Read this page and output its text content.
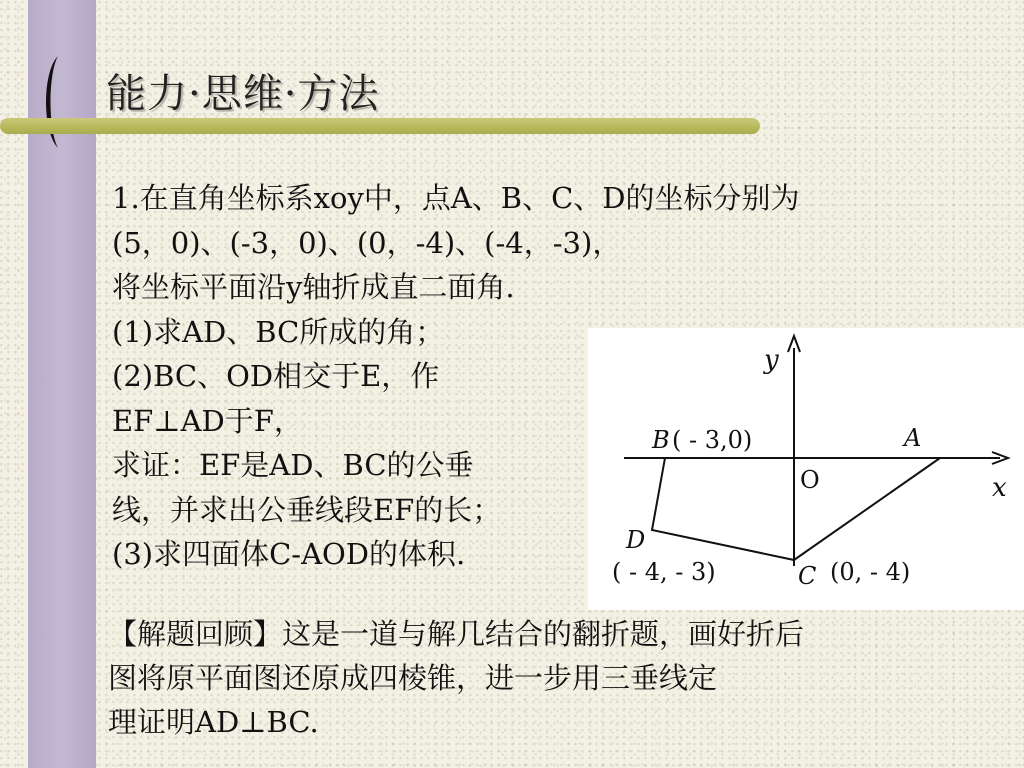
能力·思维·方法
1.在直角坐标系xoy中，点A、B、C、D的坐标分别为
(5，0)、(-3，0)、(0，-4)、(-4，-3)，
将坐标平面沿y轴折成直二面角.
(1)求AD、BC所成的角；
(2)BC、OD相交于E，作
EF⊥AD于F，
求证：EF是AD、BC的公垂
线，并求出公垂线段EF的长；
(3)求四面体C-AOD的体积.
y
x
O
A
B ( - 3,0)
D
( - 4, - 3)	C (0, - 4)
【解题回顾】这是一道与解几结合的翻折题，画好折后
图将原平面图还原成四棱锥，进一步用三垂线定
理证明AD⊥BC.
